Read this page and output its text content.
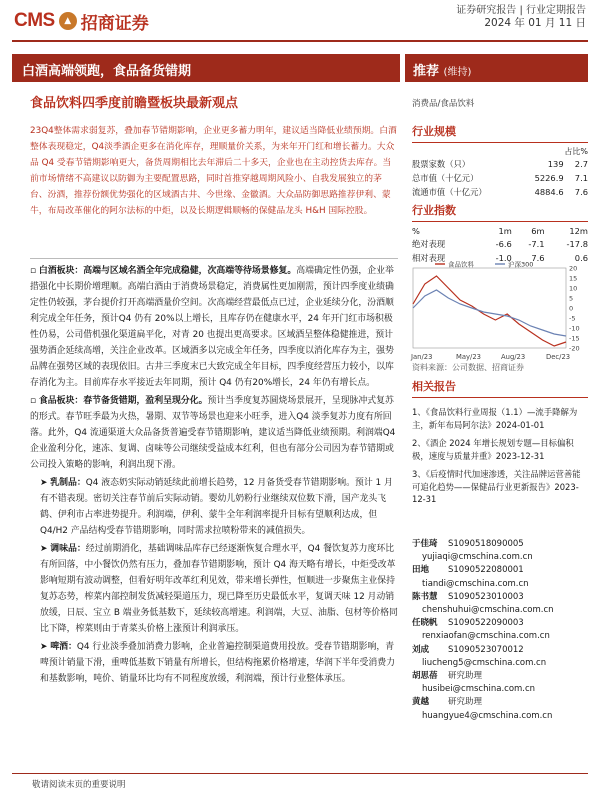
CMS	▲ 招商证券
证券研究报告 | 行业定期报告
2024 年 01 月 11 日
白酒高端领跑，食品备货错期	推荐 (维持)
食品饮料四季度前瞻暨板块最新观点	消费品/食品饮料
23Q4整体需求弱复苏，叠加春节错期影响，企业更多蓄力明年，建议适当降低业绩预期。白酒整体表现稳定，Q4淡季酒企更多在消化库存，理顺量价关系，为来年开门红和增长蓄力。大众品 Q4 受春节错期影响更大，备货周期相比去年滞后二十多天，企业也在主动控货去库存。当前市场情绪不高建议以防御为主要配置思路，同时首推穿越周期风险小、自我发展独立的茅台、汾酒，推荐份额优势强化的区域酒古井、今世缘、金徽酒。大众品防御思路推荐伊利、蒙牛，布局改革催化的阿尔法标的中炬，以及长期逻辑顺畅的保健品龙头 H&H 国际控股。
▫ 白酒板块：高端与区域名酒全年完成稳健，次高端等待场景修复。高端确定性仍强，企业举措强化中长期价增理顺。高端白酒由于消费场景稳定，消费属性更加刚需，预计四季度业绩确定性仍较强，茅台提价打开高端酒量价空间。次高端经营最低点已过，企业延续分化，汾酒顺利完成全年任务，预计Q4 仍有 20%以上增长，且库存仍在健康水平，24 年开门红市场积极性仍易，公司借机强化渠道扁平化，对青 20 也提出更高要求。区域酒呈整体稳健推进，预计强势酒企延续高增，关注企业改革。区域酒多以完成全年任务，四季度以消化库存为主，强势品牌在强势区域的表现依旧。古井三季度末已大致完成全年目标，四季度经营压力较小，以库存消化为主。目前库存水平接近去年同期，预计 Q4 仍有20%增长，24 年仍有增长点。
▫ 食品板块：春节备货错期，盈利呈现分化。预计当季度复苏圆烧场景展开，呈现脉冲式复苏的形式。春节旺季最为火热，暑期、双节等场景也迎来小旺季，进入Q4 淡季复苏力度有所回落。此外，Q4 流通渠道大众品备货普遍受春节错期影响，建议适当降低业绩预期。利润端Q4 企业盈利分化，速冻、复调、卤味等公司继续受益成本红利，但也有部分公司因为春节错期或公司投入策略的影响，利润出现下滑。
➤ 乳制品：Q4 液态奶实际动销延续此前增长趋势，12 月备货受春节错期影响。预计 1 月有不错表现。密切关注春节前后实际动销。婴幼儿奶粉行业继续双位数下滑，国产龙头飞鹤、伊利市占率进势提升。利润端，伊利、蒙牛全年利润率提升目标有望顺利达成，但 Q4/H2 产品结构受春节错期影响，同时需求拉喷粉带来的减值损失。
➤ 调味品：经过前期消化，基础调味品库存已经逐渐恢复合理水平，Q4 餐饮复苏力度环比有所回落，中小餐饮仍然有压力，叠加春节错期影响，预计 Q4 海天略有增长，中炬受改革影响短期有波动调整，但看好明年改革红利见效，带来增长弹性，恒顺进一步聚焦主业保持复苏态势，榨菜内部控制发货减轻渠道压力，现已降至历史最低水平，复调天味 12 月动销放缓，日辰、宝立 B 端业务低基数下，延续较高增速。利润端，大豆、油脂、包材等价格同比下降，榨菜则由于青菜头价格上涨预计利润承压。
➤ 啤酒：Q4 行业淡季叠加消费力影响，企业普遍控制渠道费用投放。受春节错期影响，青啤预计销量下滑，重啤低基数下销量有所增长，但结构拖累价格增速，华润下半年受消费力和基数影响，吨价、销量环比均有不同程度放缓，利润端，预计行业整体承压。
行业规模
占比%
股票家数（只）	139	2.7
总市值（十亿元）	5226.9	7.1
流通市值（十亿元）	4884.6	7.6
行业指数
%	1m	6m	12m
绝对表现	-6.6	-7.1	-17.8
相对表现	-1.0	7.6	0.6
20
15
10
5
0
-5
-10
-15
-20
Jan/23	May/23	Aug/23	Dec/23
食品饮料	沪深300
资料来源：公司数据、招商证券
相关报告
1、《食品饮料行业周报（1.1）—流手降解为主，新年布局阿尔法》2024-01-01
2、《酒企 2024 年增长规划专题—目标偏积极，速度与质量并重》2023-12-31
3、《后疫情时代加速渗透，关注品牌运营善能可追化趋势——保健品行业更新报告》2023-12-31
于佳琦 S1090518090005
yujiaqi@cmschina.com.cn
田地 S1090522080001
tiandi@cmschina.com.cn
陈书慧 S1090523010003
chenshuhui@cmschina.com.cn
任晓帆 S1090522090003
renxiaofan@cmschina.com.cn
刘成 S1090523070012
liucheng5@cmschina.com.cn
胡思蓓 研究助理
husibei@cmschina.com.cn
黄越 研究助理
huangyue4@cmschina.com.cn
敬请阅读末页的重要说明
